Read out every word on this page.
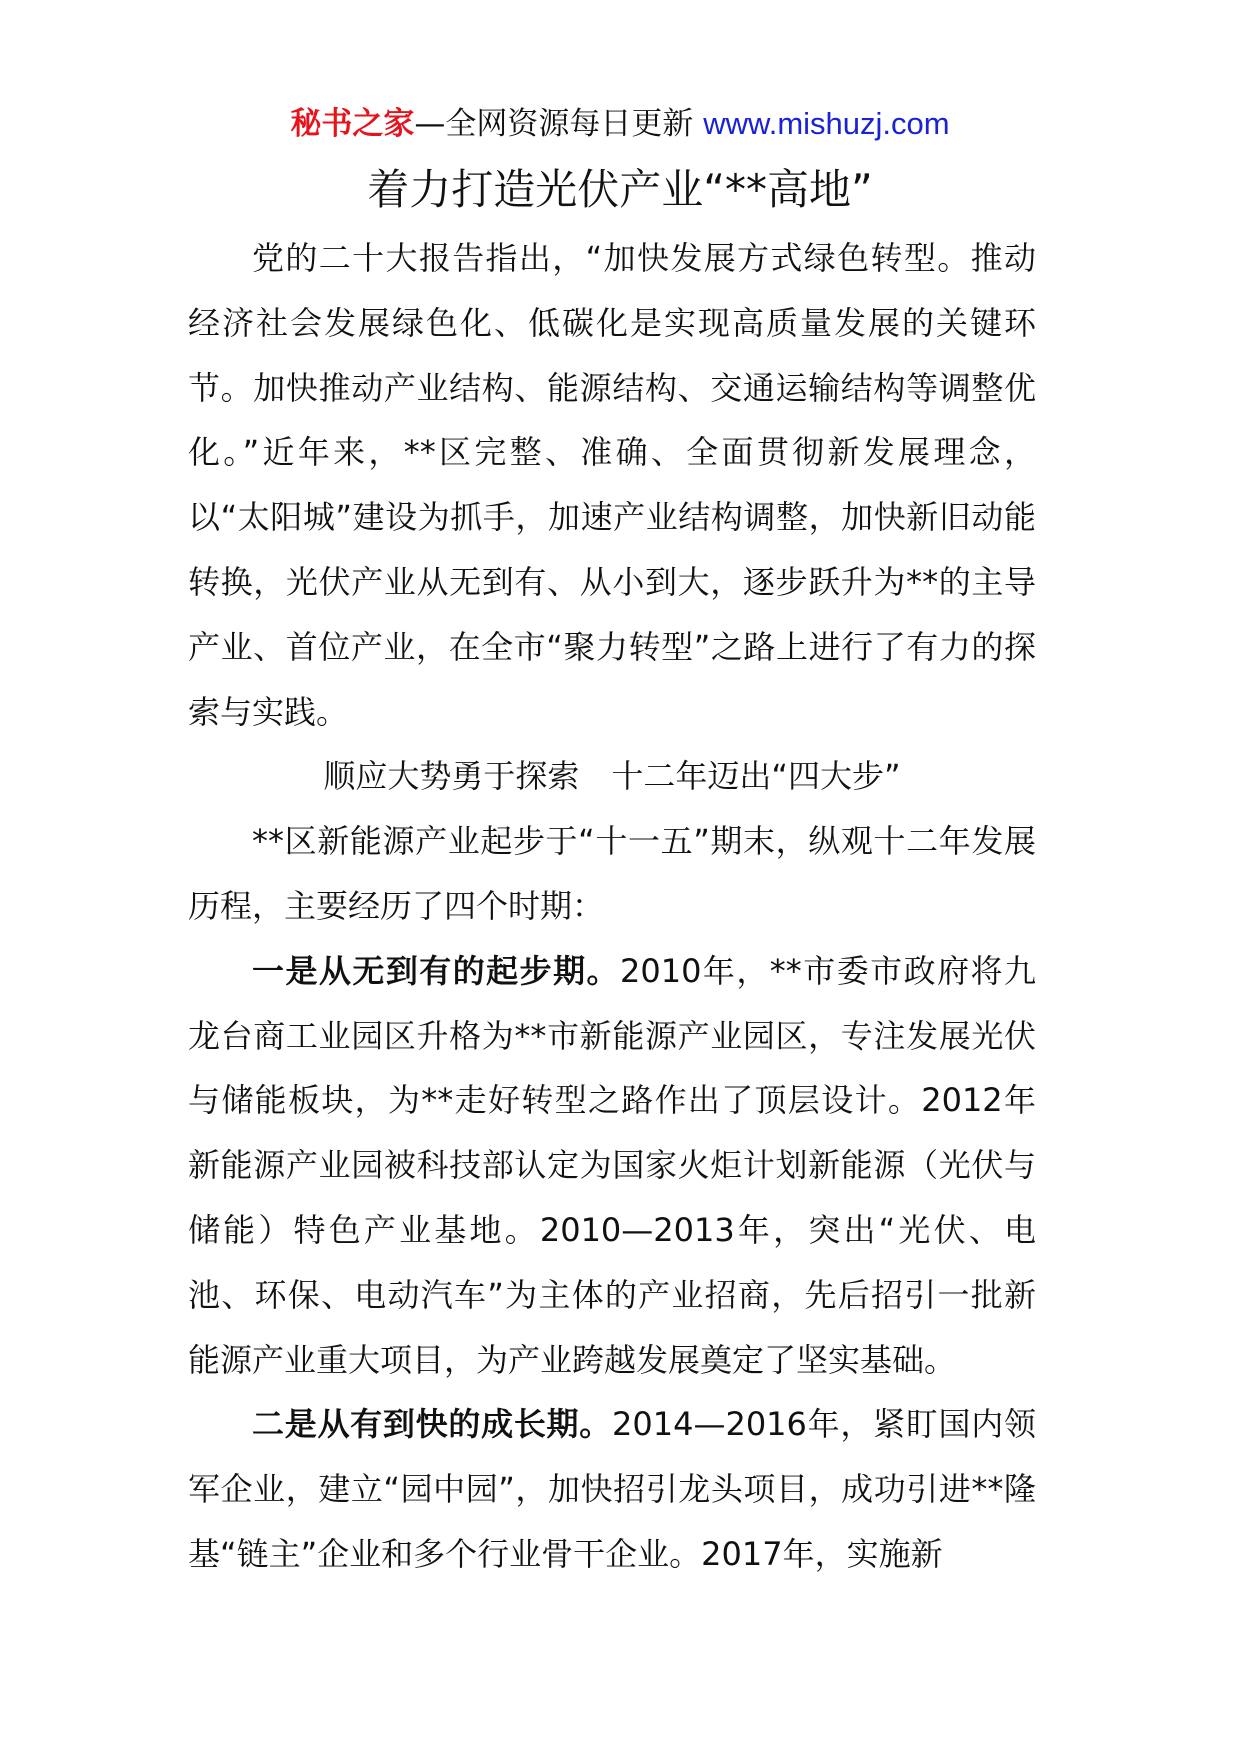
秘书之家—全网资源每日更新 www.mishuzj.com
着力打造光伏产业“**高地”

党的二十大报告指出，“加快发展方式绿色转型。推动经济社会发展绿色化、低碳化是实现高质量发展的关键环节。加快推动产业结构、能源结构、交通运输结构等调整优化。”近年来，**区完整、准确、全面贯彻新发展理念，以“太阳城”建设为抓手，加速产业结构调整，加快新旧动能转换，光伏产业从无到有、从小到大，逐步跃升为**的主导产业、首位产业，在全市“聚力转型”之路上进行了有力的探索与实践。

顺应大势勇于探索　十二年迈出“四大步”

**区新能源产业起步于“十一五”期末，纵观十二年发展历程，主要经历了四个时期：

一是从无到有的起步期。2010年，**市委市政府将九龙台商工业园区升格为**市新能源产业园区，专注发展光伏与储能板块，为**走好转型之路作出了顶层设计。2012年新能源产业园被科技部认定为国家火炬计划新能源（光伏与储能）特色产业基地。2010—2013年，突出“光伏、电池、环保、电动汽车”为主体的产业招商，先后招引一批新能源产业重大项目，为产业跨越发展奠定了坚实基础。

二是从有到快的成长期。2014—2016年，紧盯国内领军企业，建立“园中园”，加快招引龙头项目，成功引进**隆基“链主”企业和多个行业骨干企业。2017年，实施新
